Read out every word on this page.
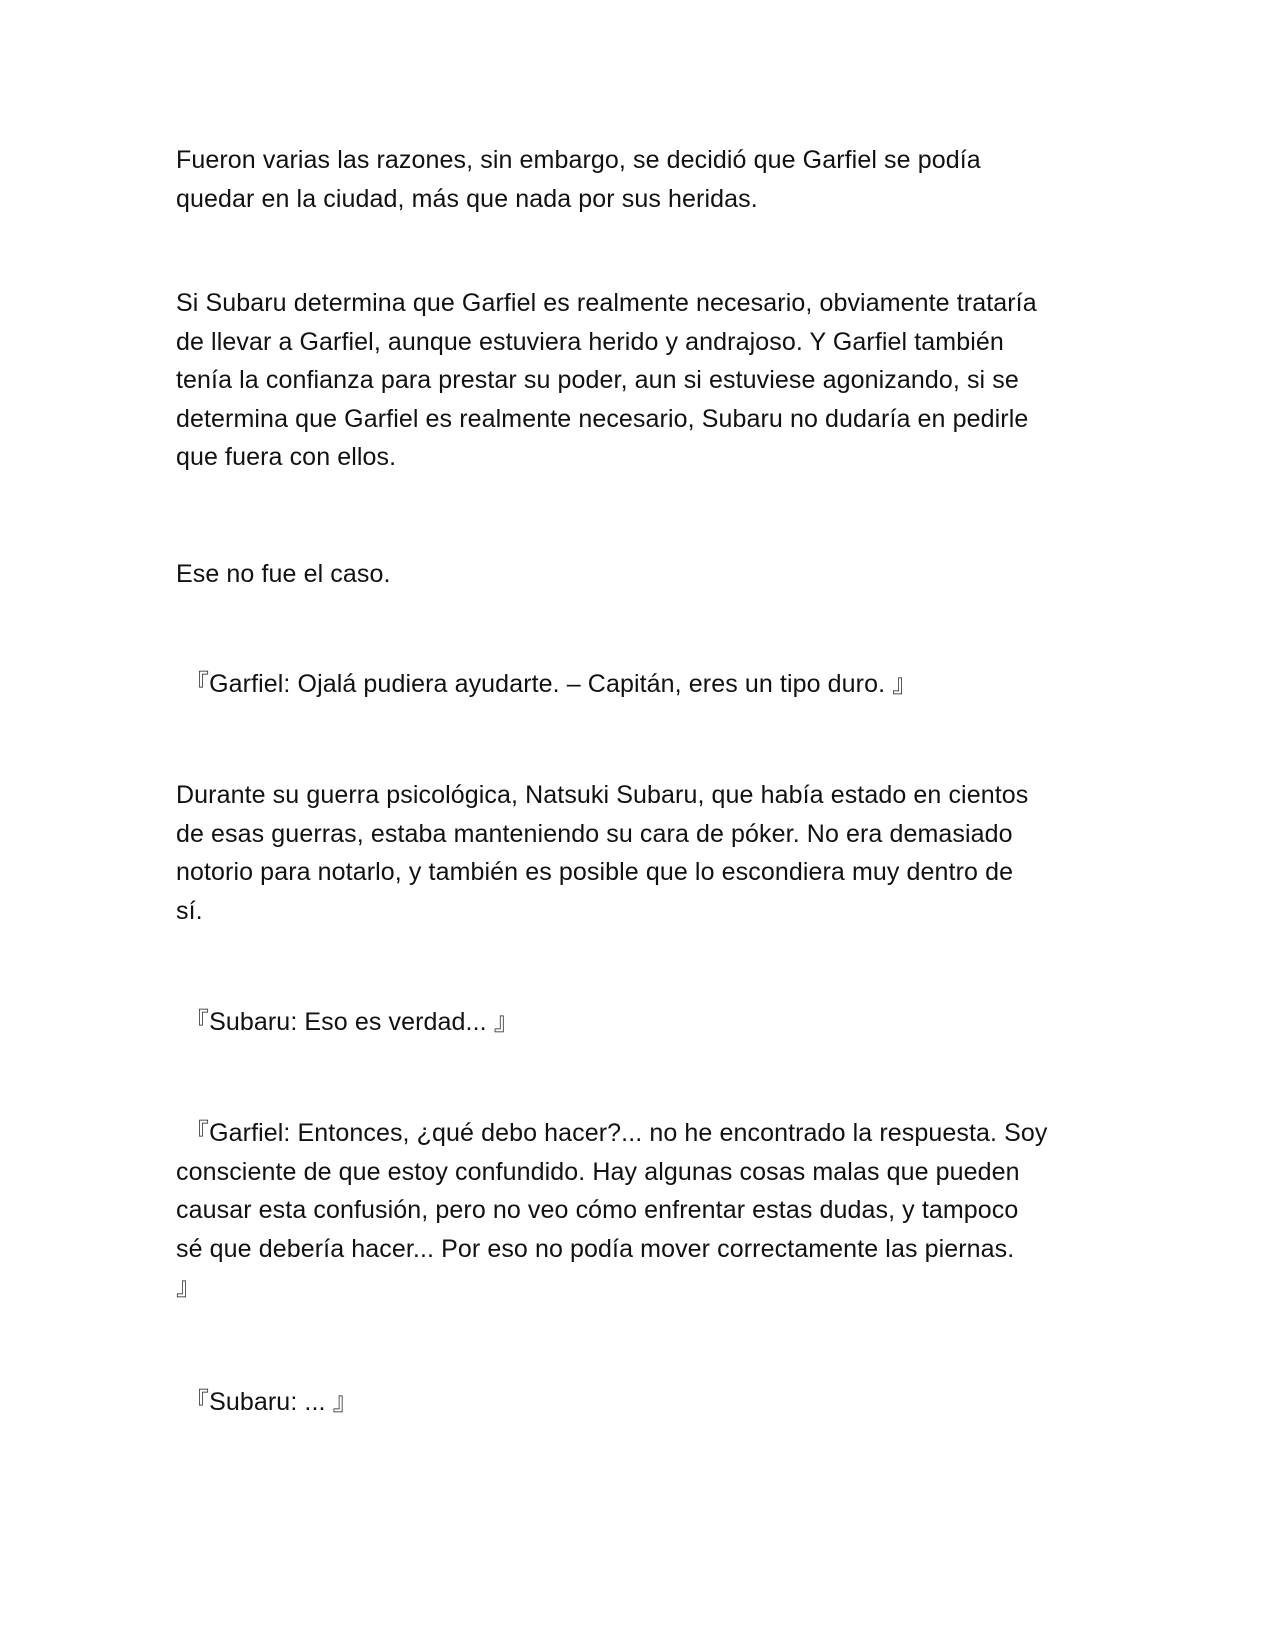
Fueron varias las razones, sin embargo, se decidió que Garfiel se podía
quedar en la ciudad, más que nada por sus heridas.
Si Subaru determina que Garfiel es realmente necesario, obviamente trataría
de llevar a Garfiel, aunque estuviera herido y andrajoso. Y Garfiel también
tenía la confianza para prestar su poder, aun si estuviese agonizando, si se
determina que Garfiel es realmente necesario, Subaru no dudaría en pedirle
que fuera con ellos.
Ese no fue el caso.
『Garfiel: Ojalá pudiera ayudarte. – Capitán, eres un tipo duro. 』
Durante su guerra psicológica, Natsuki Subaru, que había estado en cientos
de esas guerras, estaba manteniendo su cara de póker. No era demasiado
notorio para notarlo, y también es posible que lo escondiera muy dentro de
sí.
『Subaru: Eso es verdad... 』
『Garfiel: Entonces, ¿qué debo hacer?... no he encontrado la respuesta. Soy
consciente de que estoy confundido. Hay algunas cosas malas que pueden
causar esta confusión, pero no veo cómo enfrentar estas dudas, y tampoco
sé que debería hacer... Por eso no podía mover correctamente las piernas.
』
『Subaru: ... 』
